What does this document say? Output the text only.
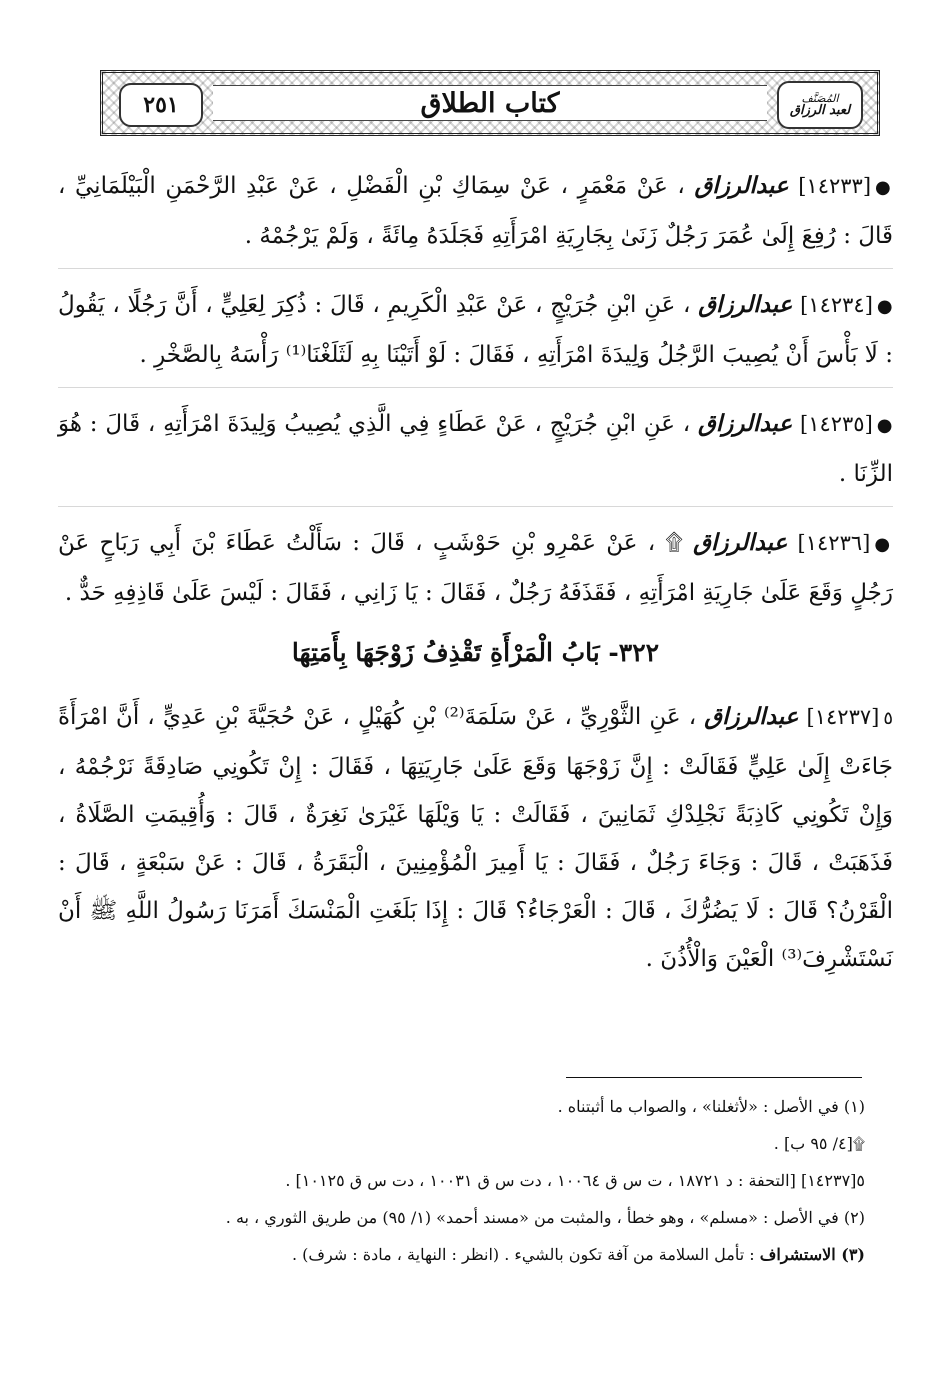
كتاب الطلاق
٢٥١	المُصَنَّف
لعبد الرزاق

●[١٤٢٣٣] عبدالرزاق ، عَنْ مَعْمَرٍ ، عَنْ سِمَاكِ بْنِ الْفَضْلِ ، عَنْ عَبْدِ الرَّحْمَنِ الْبَيْلَمَانِيِّ ، قَالَ : رُفِعَ إِلَىٰ عُمَرَ رَجُلٌ زَنَىٰ بِجَارِيَةِ امْرَأَتِهِ فَجَلَدَهُ مِائَةً ، وَلَمْ يَرْجُمْهُ .

●[١٤٢٣٤] عبدالرزاق ، عَنِ ابْنِ جُرَيْجٍ ، عَنْ عَبْدِ الْكَرِيمِ ، قَالَ : ذُكِرَ لِعَلِيٍّ ، أَنَّ رَجُلًا ، يَقُولُ : لَا بَأْسَ أَنْ يُصِيبَ الرَّجُلُ وَلِيدَةَ امْرَأَتِهِ ، فَقَالَ : لَوْ أَتَيْنَا بِهِ لَثَلَغْنَا⁽¹⁾ رَأْسَهُ بِالصَّخْرِ .

●[١٤٢٣٥] عبدالرزاق ، عَنِ ابْنِ جُرَيْجٍ ، عَنْ عَطَاءٍ فِي الَّذِي يُصِيبُ وَلِيدَةَ امْرَأَتِهِ ، قَالَ : هُوَ الزِّنَا .

●[١٤٢٣٦] عبدالرزاق ۩ ، عَنْ عَمْرِو بْنِ حَوْشَبٍ ، قَالَ : سَأَلْتُ عَطَاءَ بْنَ أَبِي رَبَاحٍ عَنْ رَجُلٍ وَقَعَ عَلَىٰ جَارِيَةِ امْرَأَتِهِ ، فَقَذَفَهُ رَجُلٌ ، فَقَالَ : يَا زَانِي ، فَقَالَ : لَيْسَ عَلَىٰ قَاذِفِهِ حَدٌّ .

٣٢٢- بَابُ الْمَرْأَةِ تَقْذِفُ زَوْجَهَا بِأَمَتِهَا

٥[١٤٢٣٧] عبدالرزاق ، عَنِ الثَّوْرِيِّ ، عَنْ سَلَمَةَ⁽²⁾ بْنِ كُهَيْلٍ ، عَنْ حُجَيَّةَ بْنِ عَدِيٍّ ، أَنَّ امْرَأَةً جَاءَتْ إِلَىٰ عَلِيٍّ فَقَالَتْ : إِنَّ زَوْجَهَا وَقَعَ عَلَىٰ جَارِيَتِهَا ، فَقَالَ : إِنْ تَكُونِي صَادِقَةً نَرْجُمْهُ ، وَإِنْ تَكُونِي كَاذِبَةً نَجْلِدْكِ ثَمَانِينَ ، فَقَالَتْ : يَا وَيْلَهَا غَيْرَىٰ نَغِرَةٌ ، قَالَ : وَأُقِيمَتِ الصَّلَاةُ ، فَذَهَبَتْ ، قَالَ : وَجَاءَ رَجُلٌ ، فَقَالَ : يَا أَمِيرَ الْمُؤْمِنِينَ ، الْبَقَرَةُ ، قَالَ : عَنْ سَبْعَةٍ ، قَالَ : الْقَرْنُ؟ قَالَ : لَا يَضُرُّكَ ، قَالَ : الْعَرْجَاءُ؟ قَالَ : إِذَا بَلَغَتِ الْمَنْسَكَ أَمَرَنَا رَسُولُ اللَّهِ ﷺ أَنْ نَسْتَشْرِفَ⁽³⁾ الْعَيْنَ وَالْأُذُنَ .

(١) في الأصل : «لأثغلنا» ، والصواب ما أثبتناه .

۩[٤/ ٩٥ ب] .

٥[١٤٢٣٧] [التحفة : د ١٨٧٢١ ، ت س ق ١٠٠٦٤ ، دت س ق ١٠٠٣١ ، دت س ق ١٠١٢٥] .

(٢) في الأصل : «مسلم» ، وهو خطأ ، والمثبت من «مسند أحمد» (١/ ٩٥) من طريق الثوري ، به .

(٣) الاستشراف : تأمل السلامة من آفة تكون بالشيء . (انظر : النهاية ، مادة : شرف) .
